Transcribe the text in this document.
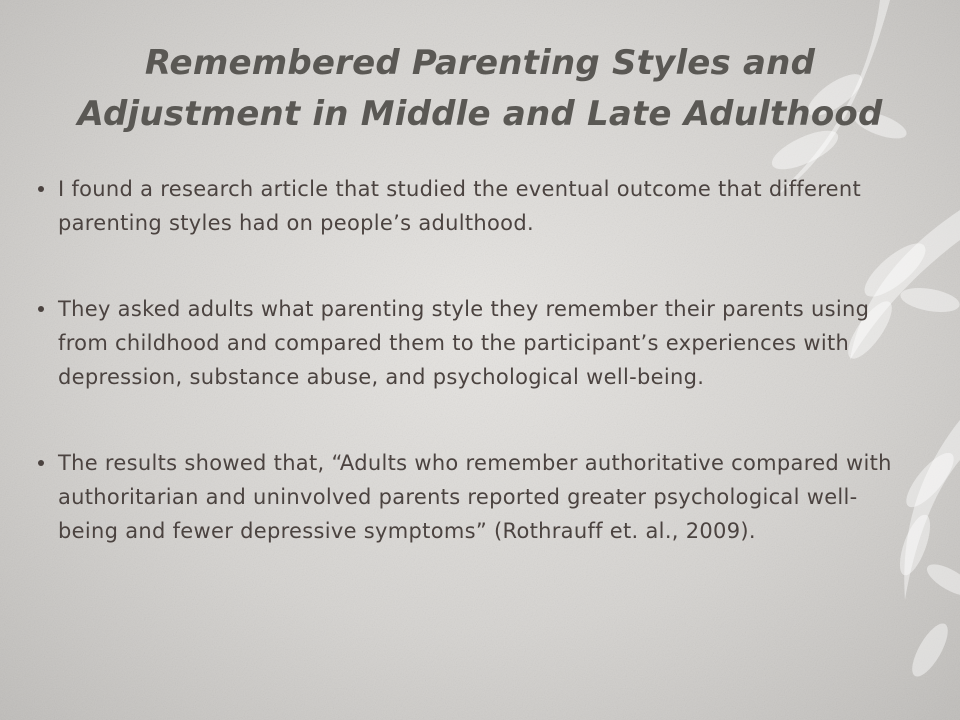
Remembered Parenting Styles and Adjustment in Middle and Late Adulthood
I found a research article that studied the eventual outcome that different parenting styles had on people’s adulthood.
They asked adults what parenting style they remember their parents using from childhood and compared them to the participant’s experiences with depression, substance abuse, and psychological well-being.
The results showed that, “Adults who remember authoritative compared with authoritarian and uninvolved parents reported greater psychological well-being and fewer depressive symptoms” (Rothrauff et. al., 2009).
